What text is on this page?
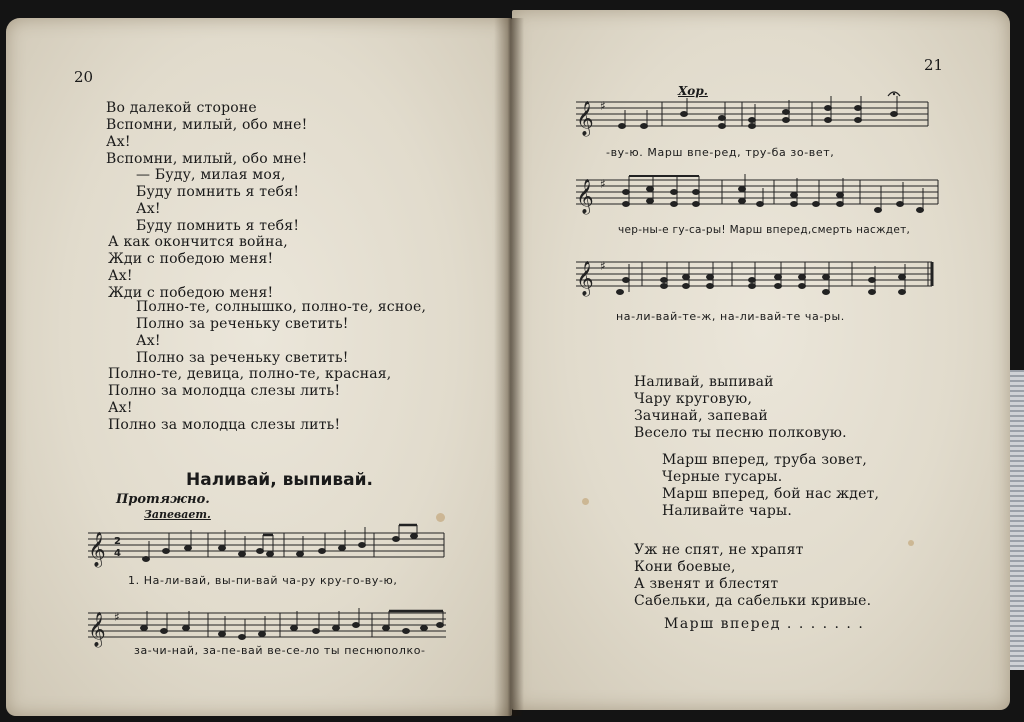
20
Во далекой стороне
Вспомни, милый, обо мне!
Ах!
Вспомни, милый, обо мне!
— Буду, милая моя,
Буду помнить я тебя!
Ах!
Буду помнить я тебя!
А как окончится война,
Жди с победою меня!
Ах!
Жди с победою меня!
Полно-те, солнышко, полно-те, ясное,
Полно за реченьку светить!
Ах!
Полно за реченьку светить!
Полно-те, девица, полно-те, красная,
Полно за молодца слезы лить!
Ах!
Полно за молодца слезы лить!
Наливай, выпивай.
Протяжно.
Запевает.
𝄞 2
4
1. На-ли-вай, вы-пи-вай ча-ру кру-го-ву-ю,
𝄞 ♯
за-чи-най, за-пе-вай ве-се-ло ты песнюполко-
21
Хор.
𝄞 ♯
-ву-ю. Марш впе-ред, тру-ба зо-вет,
𝄞 ♯
чер-ны-е гу-са-ры! Марш вперед,смерть насждет,
𝄞 ♯
на-ли-вай-те-ж, на-ли-вай-те ча-ры.
Наливай, выпивай
Чару круговую,
Зачинай, запевай
Весело ты песню полковую.
Марш вперед, труба зовет,
Черные гусары.
Марш вперед, бой нас ждет,
Наливайте чары.
Уж не спят, не храпят
Кони боевые,
А звенят и блестят
Сабельки, да сабельки кривые.
Марш вперед . . . . . . .
